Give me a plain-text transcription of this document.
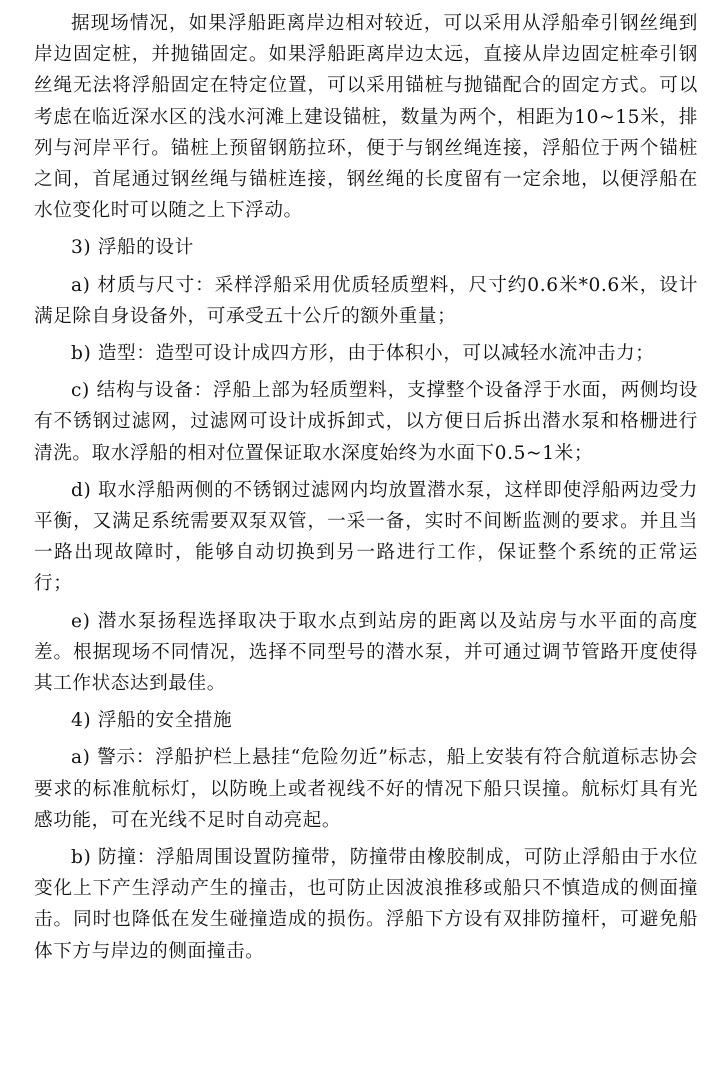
据现场情况，如果浮船距离岸边相对较近，可以采用从浮船牵引钢丝绳到岸边固定桩，并抛锚固定。如果浮船距离岸边太远，直接从岸边固定桩牵引钢丝绳无法将浮船固定在特定位置，可以采用锚桩与抛锚配合的固定方式。可以考虑在临近深水区的浅水河滩上建设锚桩，数量为两个，相距为10~15米，排列与河岸平行。锚桩上预留钢筋拉环，便于与钢丝绳连接，浮船位于两个锚桩之间，首尾通过钢丝绳与锚桩连接，钢丝绳的长度留有一定余地，以便浮船在水位变化时可以随之上下浮动。

3) 浮船的设计

a) 材质与尺寸：采样浮船采用优质轻质塑料，尺寸约0.6米*0.6米，设计满足除自身设备外，可承受五十公斤的额外重量；

b) 造型：造型可设计成四方形，由于体积小，可以减轻水流冲击力；

c) 结构与设备：浮船上部为轻质塑料，支撑整个设备浮于水面，两侧均设有不锈钢过滤网，过滤网可设计成拆卸式，以方便日后拆出潜水泵和格栅进行清洗。取水浮船的相对位置保证取水深度始终为水面下0.5~1米；

d) 取水浮船两侧的不锈钢过滤网内均放置潜水泵，这样即使浮船两边受力平衡，又满足系统需要双泵双管，一采一备，实时不间断监测的要求。并且当一路出现故障时，能够自动切换到另一路进行工作，保证整个系统的正常运行；

e) 潜水泵扬程选择取决于取水点到站房的距离以及站房与水平面的高度差。根据现场不同情况，选择不同型号的潜水泵，并可通过调节管路开度使得其工作状态达到最佳。

4) 浮船的安全措施

a) 警示：浮船护栏上悬挂“危险勿近”标志，船上安装有符合航道标志协会要求的标准航标灯，以防晚上或者视线不好的情况下船只误撞。航标灯具有光感功能，可在光线不足时自动亮起。

b) 防撞：浮船周围设置防撞带，防撞带由橡胶制成，可防止浮船由于水位变化上下产生浮动产生的撞击，也可防止因波浪推移或船只不慎造成的侧面撞击。同时也降低在发生碰撞造成的损伤。浮船下方设有双排防撞杆，可避免船体下方与岸边的侧面撞击。
